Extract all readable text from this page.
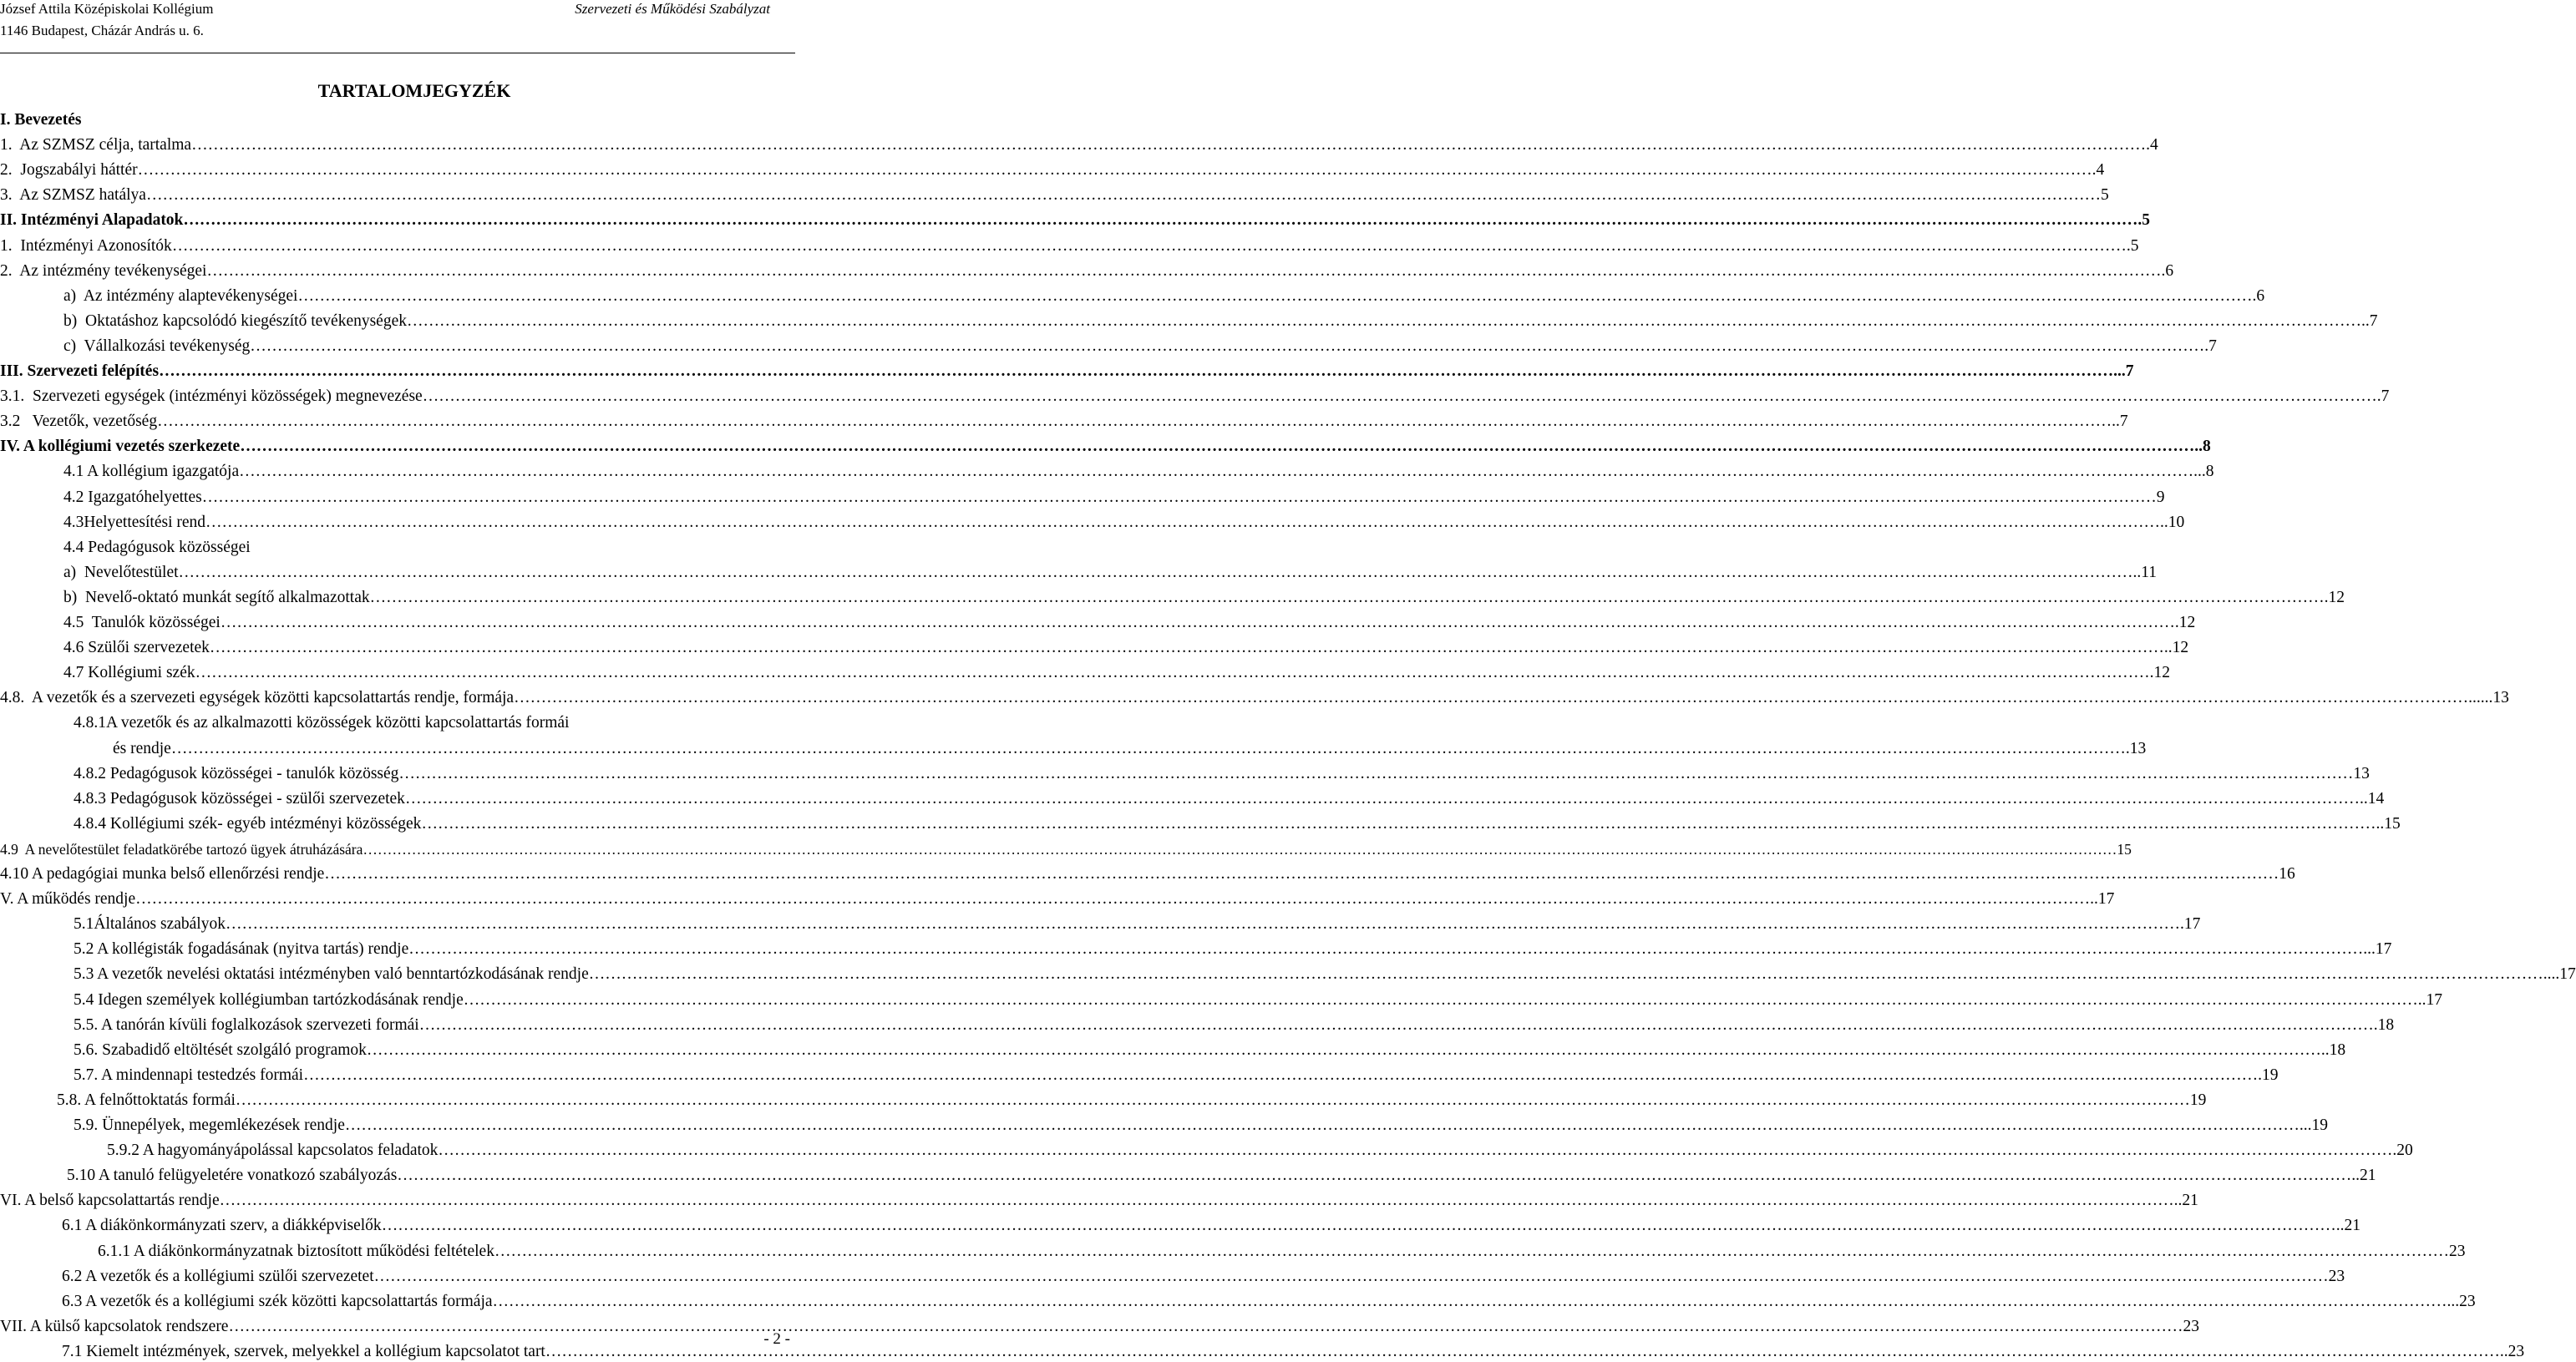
József Attila Középiskolai Kollégium
1146 Budapest, Cházár András u. 6.
Szervezeti és Működési Szabályzat
TARTALOMJEGYZÉK
I. Bevezetés
1.  Az SZMSZ célja, tartalma ……………………………………………………………………………………………………………………………………………………………………………………………………………………………………………………………………………………………………………………………… .4
2.  Jogszabályi háttér ……………………………………………………………………………………………………………………………………………………………………………………………………………………………………………………………………………………………………………………………… .4
3.  Az SZMSZ hatálya ……………………………………………………………………………………………………………………………………………………………………………………………………………………………………………………………………………………………………………………………… 5
II. Intézményi Alapadatok ……………………………………………………………………………………………………………………………………………………………………………………………………………………………………………………………………………………………………………………………… .5
1.  Intézményi Azonosítók ……………………………………………………………………………………………………………………………………………………………………………………………………………………………………………………………………………………………………………………………… .5
2.  Az intézmény tevékenységei ……………………………………………………………………………………………………………………………………………………………………………………………………………………………………………………………………………………………………………………………… .6
a)  Az intézmény alaptevékenységei ……………………………………………………………………………………………………………………………………………………………………………………………………………………………………………………………………………………………………………………………… .6
b)  Oktatáshoz kapcsolódó kiegészítő tevékenységek ……………………………………………………………………………………………………………………………………………………………………………………………………………………………………………………………………………………………………………………………… ..7
c)  Vállalkozási tevékenység ……………………………………………………………………………………………………………………………………………………………………………………………………………………………………………………………………………………………………………………………… .7
III. Szervezeti felépítés ……………………………………………………………………………………………………………………………………………………………………………………………………………………………………………………………………………………………………………………………… ...7
3.1.  Szervezeti egységek (intézményi közösségek) megnevezése ……………………………………………………………………………………………………………………………………………………………………………………………………………………………………………………………………………………………………………………………… .7
3.2   Vezetők, vezetőség ……………………………………………………………………………………………………………………………………………………………………………………………………………………………………………………………………………………………………………………………… ..7
IV. A kollégiumi vezetés szerkezete ……………………………………………………………………………………………………………………………………………………………………………………………………………………………………………………………………………………………………………………………… ..8
4.1 A kollégium igazgatója ……………………………………………………………………………………………………………………………………………………………………………………………………………………………………………………………………………………………………………………………… ...8
4.2 Igazgatóhelyettes ……………………………………………………………………………………………………………………………………………………………………………………………………………………………………………………………………………………………………………………………… 9
4.3Helyettesítési rend ……………………………………………………………………………………………………………………………………………………………………………………………………………………………………………………………………………………………………………………………… ..10
4.4 Pedagógusok közösségei
a)  Nevelőtestület ……………………………………………………………………………………………………………………………………………………………………………………………………………………………………………………………………………………………………………………………… ..11
b)  Nevelő-oktató munkát segítő alkalmazottak ……………………………………………………………………………………………………………………………………………………………………………………………………………………………………………………………………………………………………………………………… .12
4.5  Tanulók közösségei ……………………………………………………………………………………………………………………………………………………………………………………………………………………………………………………………………………………………………………………………… .12
4.6 Szülői szervezetek ……………………………………………………………………………………………………………………………………………………………………………………………………………………………………………………………………………………………………………………………… ..12
4.7 Kollégiumi szék ……………………………………………………………………………………………………………………………………………………………………………………………………………………………………………………………………………………………………………………………… .12
4.8.  A vezetők és a szervezeti egységek közötti kapcsolattartás rendje, formája ……………………………………………………………………………………………………………………………………………………………………………………………………………………………………………………………………………………………………………………………… ......13
4.8.1A vezetők és az alkalmazotti közösségek közötti kapcsolattartás formái
és rendje ……………………………………………………………………………………………………………………………………………………………………………………………………………………………………………………………………………………………………………………………… .13
4.8.2 Pedagógusok közösségei - tanulók közösség ……………………………………………………………………………………………………………………………………………………………………………………………………………………………………………………………………………………………………………………………… 13
4.8.3 Pedagógusok közösségei - szülői szervezetek ……………………………………………………………………………………………………………………………………………………………………………………………………………………………………………………………………………………………………………………………… ..14
4.8.4 Kollégiumi szék- egyéb intézményi közösségek ……………………………………………………………………………………………………………………………………………………………………………………………………………………………………………………………………………………………………………………………… ..15
4.9  A nevelőtestület feladatkörébe tartozó ügyek átruházására ……………………………………………………………………………………………………………………………………………………………………………………………………………………………………………………………………………………………………………………………… 15
4.10 A pedagógiai munka belső ellenőrzési rendje ……………………………………………………………………………………………………………………………………………………………………………………………………………………………………………………………………………………………………………………………… 16
V. A működés rendje ……………………………………………………………………………………………………………………………………………………………………………………………………………………………………………………………………………………………………………………………… ..17
5.1Általános szabályok ……………………………………………………………………………………………………………………………………………………………………………………………………………………………………………………………………………………………………………………………… .17
5.2 A kollégisták fogadásának (nyitva tartás) rendje ……………………………………………………………………………………………………………………………………………………………………………………………………………………………………………………………………………………………………………………………… ...17
5.3 A vezetők nevelési oktatási intézményben való benntartózkodásának rendje ……………………………………………………………………………………………………………………………………………………………………………………………………………………………………………………………………………………………………………………………… ....17
5.4 Idegen személyek kollégiumban tartózkodásának rendje ……………………………………………………………………………………………………………………………………………………………………………………………………………………………………………………………………………………………………………………………… ..17
5.5. A tanórán kívüli foglalkozások szervezeti formái ……………………………………………………………………………………………………………………………………………………………………………………………………………………………………………………………………………………………………………………………… .18
5.6. Szabadidő eltöltését szolgáló programok ……………………………………………………………………………………………………………………………………………………………………………………………………………………………………………………………………………………………………………………………… ..18
5.7. A mindennapi testedzés formái ……………………………………………………………………………………………………………………………………………………………………………………………………………………………………………………………………………………………………………………………… .19
5.8. A felnőttoktatás formái ……………………………………………………………………………………………………………………………………………………………………………………………………………………………………………………………………………………………………………………………… 19
5.9. Ünnepélyek, megemlékezések rendje ……………………………………………………………………………………………………………………………………………………………………………………………………………………………………………………………………………………………………………………………… ...19
5.9.2 A hagyományápolással kapcsolatos feladatok ……………………………………………………………………………………………………………………………………………………………………………………………………………………………………………………………………………………………………………………………… .20
5.10 A tanuló felügyeletére vonatkozó szabályozás ……………………………………………………………………………………………………………………………………………………………………………………………………………………………………………………………………………………………………………………………… ..21
VI. A belső kapcsolattartás rendje ……………………………………………………………………………………………………………………………………………………………………………………………………………………………………………………………………………………………………………………………… ..21
6.1 A diákönkormányzati szerv, a diákképviselők ……………………………………………………………………………………………………………………………………………………………………………………………………………………………………………………………………………………………………………………………… ..21
6.1.1 A diákönkormányzatnak biztosított működési feltételek ……………………………………………………………………………………………………………………………………………………………………………………………………………………………………………………………………………………………………………………………… 23
6.2 A vezetők és a kollégiumi szülői szervezetet ……………………………………………………………………………………………………………………………………………………………………………………………………………………………………………………………………………………………………………………………… 23
6.3 A vezetők és a kollégiumi szék közötti kapcsolattartás formája ……………………………………………………………………………………………………………………………………………………………………………………………………………………………………………………………………………………………………………………………… ...23
VII. A külső kapcsolatok rendszere ……………………………………………………………………………………………………………………………………………………………………………………………………………………………………………………………………………………………………………………………… 23
7.1 Kiemelt intézmények, szervek, melyekkel a kollégium kapcsolatot tart ……………………………………………………………………………………………………………………………………………………………………………………………………………………………………………………………………………………………………………………………… ..23
- 2 -
